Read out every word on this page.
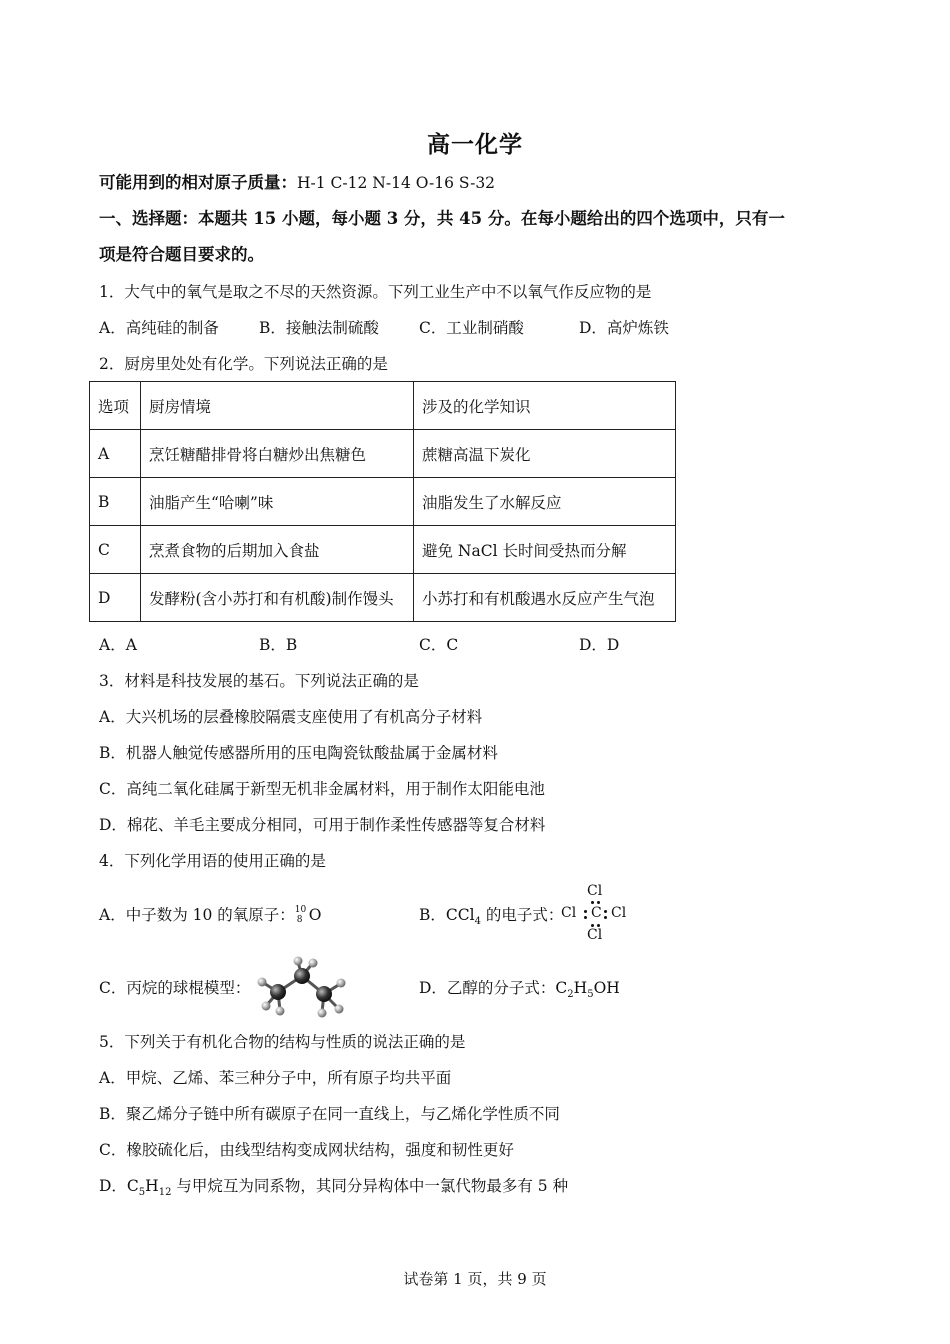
高一化学
可能用到的相对原子质量：H-1 C-12 N-14 O-16 S-32
一、选择题：本题共 15 小题，每小题 3 分，共 45 分。在每小题给出的四个选项中，只有一
项是符合题目要求的。
1．大气中的氧气是取之不尽的天然资源。下列工业生产中不以氧气作反应物的是
A．高纯硅的制备	B．接触法制硫酸	C．工业制硝酸	D．高炉炼铁
2．厨房里处处有化学。下列说法正确的是
选项	厨房情境	涉及的化学知识
A	烹饪糖醋排骨将白糖炒出焦糖色	蔗糖高温下炭化
B	油脂产生“哈喇”味	油脂发生了水解反应
C	烹煮食物的后期加入食盐	避免 NaCl 长时间受热而分解
D	发酵粉(含小苏打和有机酸)制作馒头	小苏打和有机酸遇水反应产生气泡
A．A	B．B	C．C	D．D
3．材料是科技发展的基石。下列说法正确的是
A．大兴机场的层叠橡胶隔震支座使用了有机高分子材料
B．机器人触觉传感器所用的压电陶瓷钛酸盐属于金属材料
C．高纯二氧化硅属于新型无机非金属材料，用于制作太阳能电池
D．棉花、羊毛主要成分相同，可用于制作柔性传感器等复合材料
4．下列化学用语的使用正确的是
A．中子数为 10 的氧原子： 10
8 O	B．CCl$_4$ 的电子式：
Cl
Cl C Cl
Cl
C．丙烷的球棍模型：	D．乙醇的分子式：$C_2H_5OH$
5．下列关于有机化合物的结构与性质的说法正确的是
A．甲烷、乙烯、苯三种分子中，所有原子均共平面
B．聚乙烯分子链中所有碳原子在同一直线上，与乙烯化学性质不同
C．橡胶硫化后，由线型结构变成网状结构，强度和韧性更好
D．$C_5H_{12}$ 与甲烷互为同系物，其同分异构体中一氯代物最多有 5 种
试卷第 1 页，共 9 页
